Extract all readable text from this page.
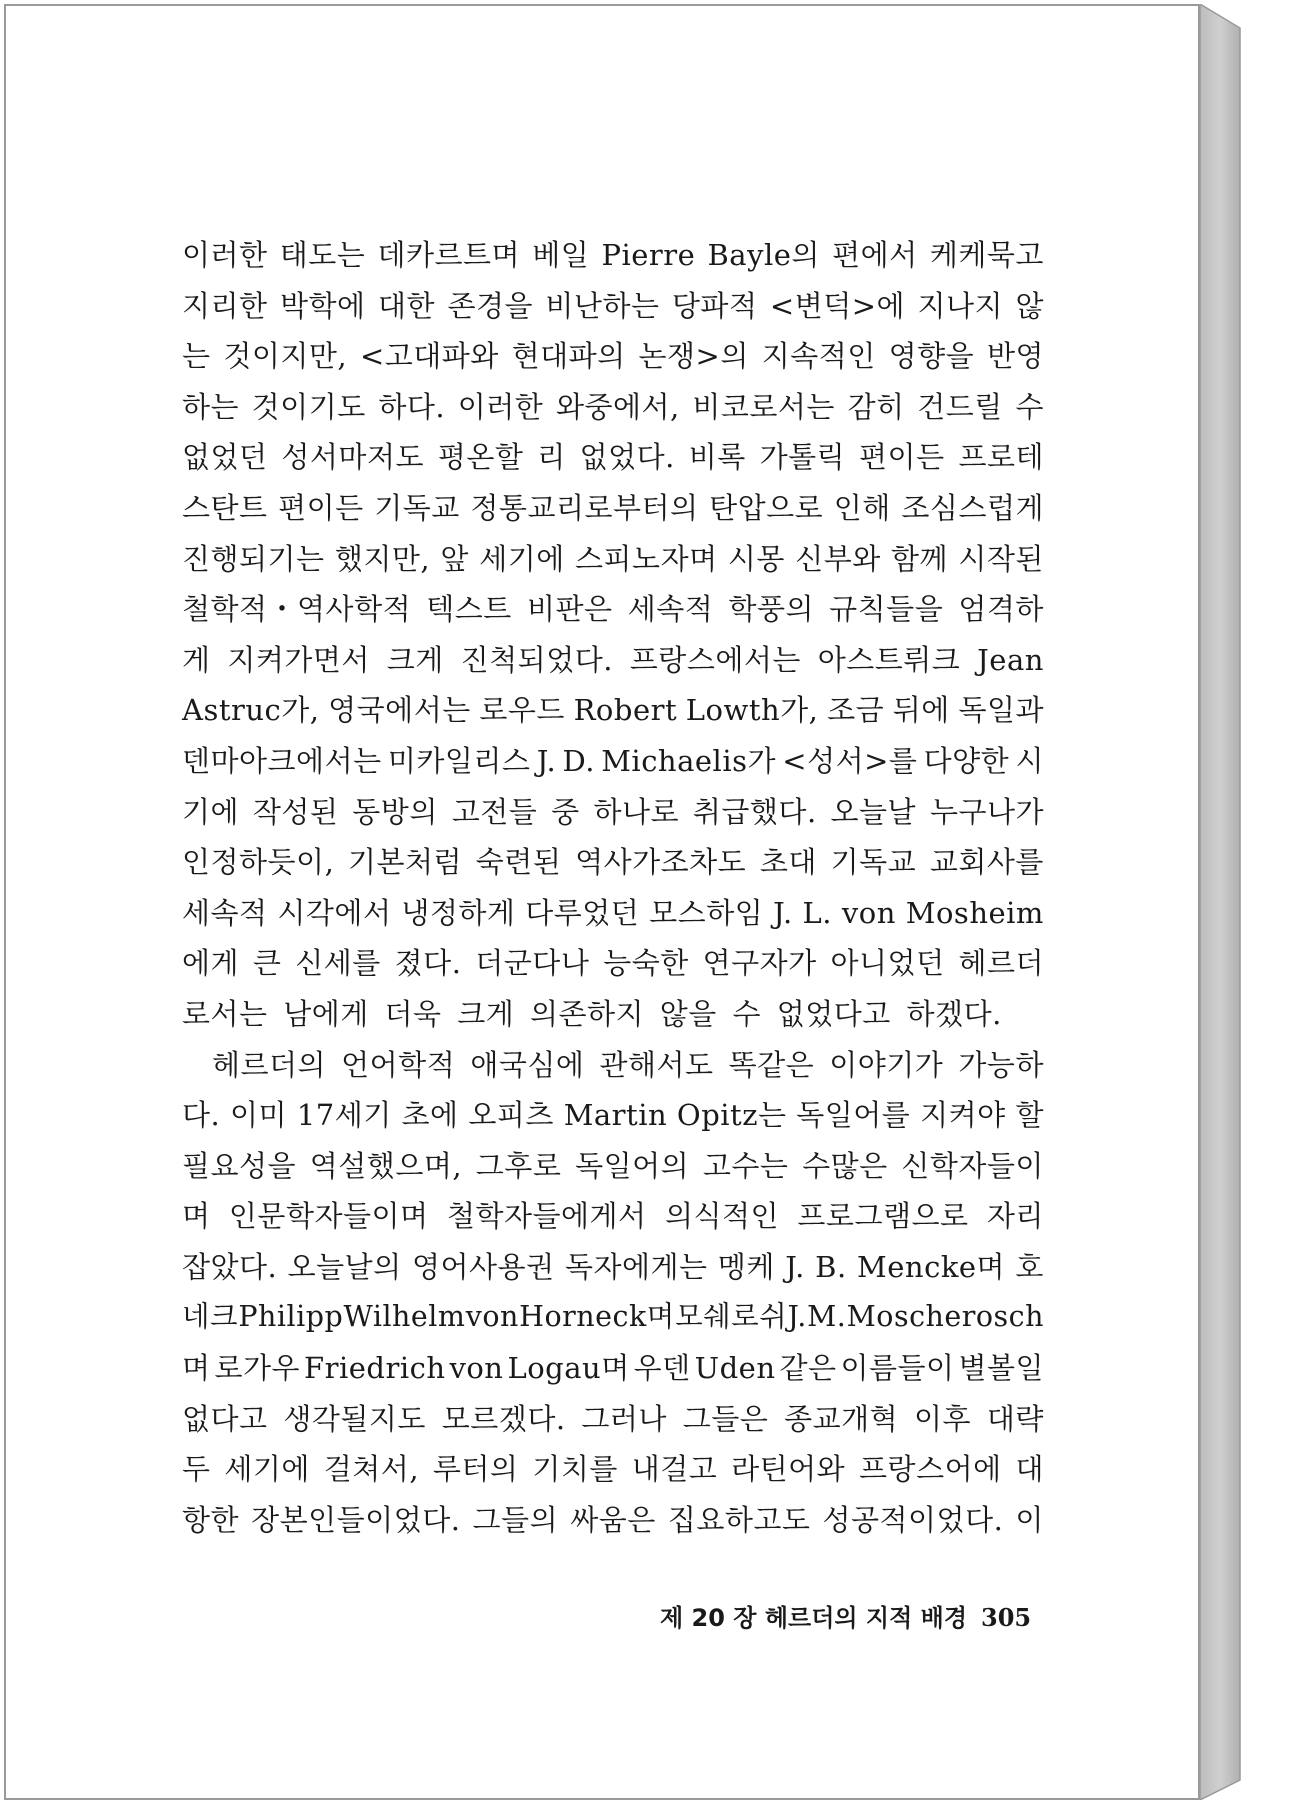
이러한 태도는 데카르트며 베일 Pierre Bayle의 편에서 케케묵고
지리한 박학에 대한 존경을 비난하는 당파적 <변덕>에 지나지 않
는 것이지만, <고대파와 현대파의 논쟁>의 지속적인 영향을 반영
하는 것이기도 하다. 이러한 와중에서, 비코로서는 감히 건드릴 수
없었던 성서마저도 평온할 리 없었다. 비록 가톨릭 편이든 프로테
스탄트 편이든 기독교 정통교리로부터의 탄압으로 인해 조심스럽게
진행되기는 했지만, 앞 세기에 스피노자며 시몽 신부와 함께 시작된
철학적・역사학적 텍스트 비판은 세속적 학풍의 규칙들을 엄격하
게 지켜가면서 크게 진척되었다. 프랑스에서는 아스트뤼크 Jean
Astruc가, 영국에서는 로우드 Robert Lowth가, 조금 뒤에 독일과
덴마아크에서는 미카일리스 J. D. Michaelis가 <성서>를 다양한 시
기에 작성된 동방의 고전들 중 하나로 취급했다. 오늘날 누구나가
인정하듯이, 기본처럼 숙련된 역사가조차도 초대 기독교 교회사를
세속적 시각에서 냉정하게 다루었던 모스하임 J. L. von Mosheim
에게 큰 신세를 졌다. 더군다나 능숙한 연구자가 아니었던 헤르더
로서는 남에게 더욱 크게 의존하지 않을 수 없었다고 하겠다.
헤르더의 언어학적 애국심에 관해서도 똑같은 이야기가 가능하
다. 이미 17세기 초에 오피츠 Martin Opitz는 독일어를 지켜야 할
필요성을 역설했으며, 그후로 독일어의 고수는 수많은 신학자들이
며 인문학자들이며 철학자들에게서 의식적인 프로그램으로 자리
잡았다. 오늘날의 영어사용권 독자에게는 멩케 J. B. Mencke며 호
네크 Philipp Wilhelm von Horneck며 모쉐로쉬 J. M. Moscherosch
며 로가우 Friedrich von Logau며 우덴 Uden 같은 이름들이 별볼일
없다고 생각될지도 모르겠다. 그러나 그들은 종교개혁 이후 대략
두 세기에 걸쳐서, 루터의 기치를 내걸고 라틴어와 프랑스어에 대
항한 장본인들이었다. 그들의 싸움은 집요하고도 성공적이었다. 이
제 20 장 헤르더의 지적 배경 305
